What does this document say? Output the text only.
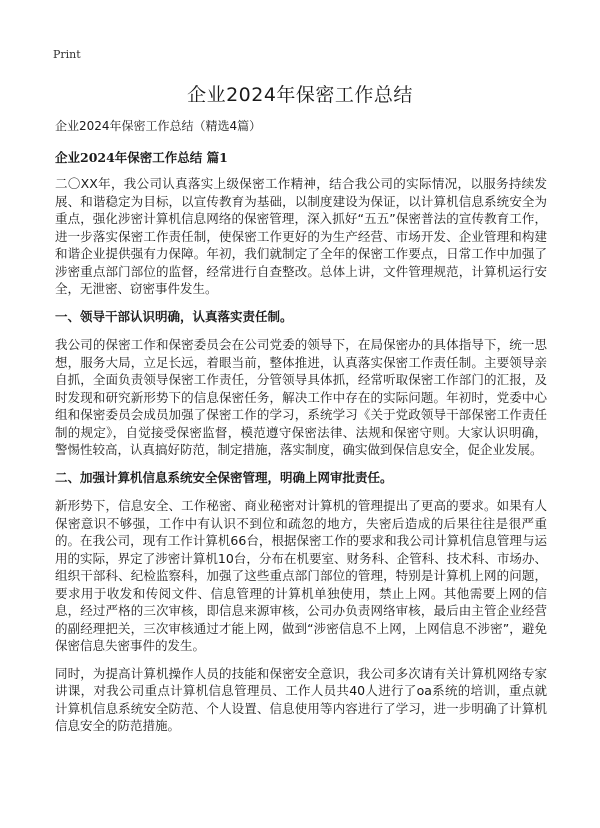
Print
企业2024年保密工作总结

企业2024年保密工作总结（精选4篇）

企业2024年保密工作总结 篇1

二〇XX年，我公司认真落实上级保密工作精神，结合我公司的实际情况，以服务持续发展、和谐稳定为目标，以宣传教育为基础，以制度建设为保证，以计算机信息系统安全为重点，强化涉密计算机信息网络的保密管理，深入抓好“五五”保密普法的宣传教育工作，进一步落实保密工作责任制，使保密工作更好的为生产经营、市场开发、企业管理和构建和谐企业提供强有力保障。年初，我们就制定了全年的保密工作要点，日常工作中加强了涉密重点部门部位的监督，经常进行自查整改。总体上讲，文件管理规范，计算机运行安全，无泄密、窃密事件发生。

一、领导干部认识明确，认真落实责任制。

我公司的保密工作和保密委员会在公司党委的领导下，在局保密办的具体指导下，统一思想，服务大局，立足长远，着眼当前，整体推进，认真落实保密工作责任制。主要领导亲自抓，全面负责领导保密工作责任，分管领导具体抓，经常听取保密工作部门的汇报，及时发现和研究新形势下的信息保密任务，解决工作中存在的实际问题。年初时，党委中心组和保密委员会成员加强了保密工作的学习，系统学习《关于党政领导干部保密工作责任制的规定》，自觉接受保密监督，模范遵守保密法律、法规和保密守则。大家认识明确，警惕性较高，认真搞好防范，制定措施，落实制度，确实做到保信息安全，促企业发展。

二、加强计算机信息系统安全保密管理，明确上网审批责任。

新形势下，信息安全、工作秘密、商业秘密对计算机的管理提出了更高的要求。如果有人保密意识不够强，工作中有认识不到位和疏忽的地方，失密后造成的后果往往是很严重的。在我公司，现有工作计算机66台，根据保密工作的要求和我公司计算机信息管理与运用的实际，界定了涉密计算机10台，分布在机要室、财务科、企管科、技术科、市场办、组织干部科、纪检监察科，加强了这些重点部门部位的管理，特别是计算机上网的问题，要求用于收发和传阅文件、信息管理的计算机单独使用，禁止上网。其他需要上网的信息，经过严格的三次审核，即信息来源审核，公司办负责网络审核，最后由主管企业经营的副经理把关，三次审核通过才能上网，做到“涉密信息不上网，上网信息不涉密”，避免保密信息失密事件的发生。

同时，为提高计算机操作人员的技能和保密安全意识，我公司多次请有关计算机网络专家讲课，对我公司重点计算机信息管理员、工作人员共40人进行了oa系统的培训，重点就计算机信息系统安全防范、个人设置、信息使用等内容进行了学习，进一步明确了计算机信息安全的防范措施。
